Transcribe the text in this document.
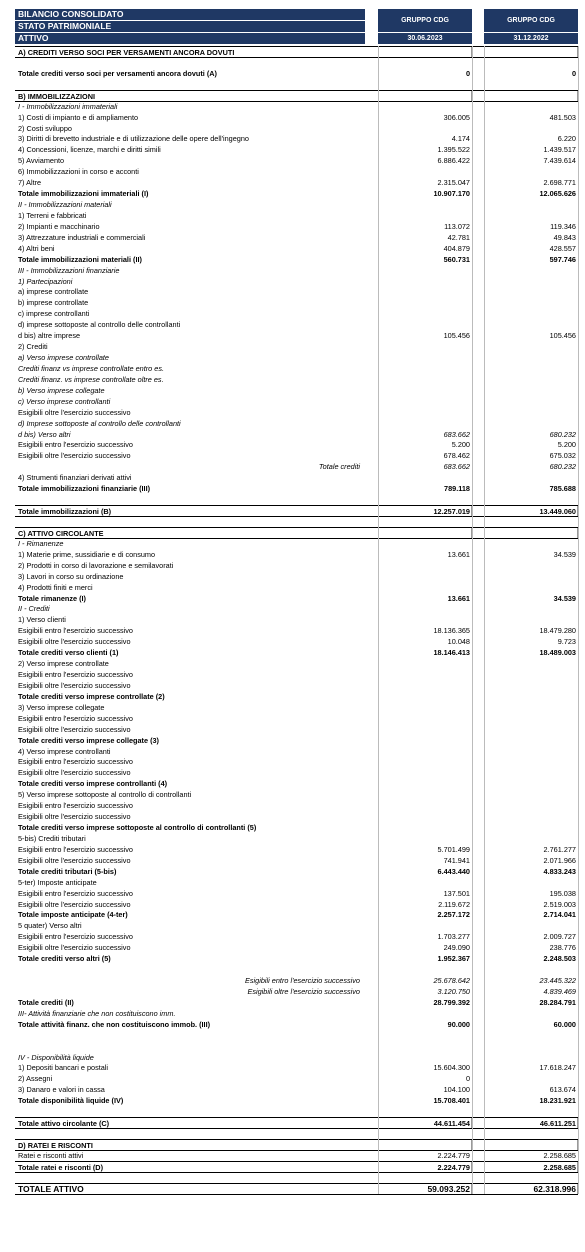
BILANCIO CONSOLIDATO
STATO PATRIMONIALE
ATTIVO
GRUPPO CDG	GRUPPO CDG
30.06.2023	31.12.2022
A) CREDITI VERSO SOCI PER VERSAMENTI ANCORA DOVUTI
Totale crediti verso soci per versamenti ancora dovuti (A)	0	0
B) IMMOBILIZZAZIONI
I - Immobilizzazioni immateriali
1) Costi di impianto e di ampliamento	306.005	481.503
2) Costi sviluppo
3) Diritti di brevetto industriale e di utilizzazione delle opere dell'ingegno	4.174	6.220
4) Concessioni, licenze, marchi e diritti simili	1.395.522	1.439.517
5) Avviamento	6.886.422	7.439.614
6) Immobilizzazioni in corso e acconti
7) Altre	2.315.047	2.698.771
Totale immobilizzazioni immateriali (I)	10.907.170	12.065.626
II - Immobilizzazioni materiali
1) Terreni e fabbricati
2) Impianti e macchinario	113.072	119.346
3) Attrezzature industriali e commerciali	42.781	49.843
4) Altri beni	404.879	428.557
Totale immobilizzazioni materiali (II)	560.731	597.746
III - Immobilizzazioni finanziarie
1) Partecipazioni
a) imprese controllate
b) imprese controllate
c) imprese controllanti
d) imprese sottoposte al controllo delle controllanti
d bis) altre imprese	105.456	105.456
2) Crediti
a) Verso imprese controllate
Crediti finanz vs imprese controllate entro es.
Crediti finanz. vs imprese controllate oltre es.
b) Verso imprese collegate
c) Verso imprese controllanti
Esigibili oltre l'esercizio successivo
d) Imprese sottoposte al controllo delle controllanti
d bis) Verso altri	683.662	680.232
Esigibili entro l'esercizio successivo	5.200	5.200
Esigibili oltre l'esercizio successivo	678.462	675.032
Totale crediti	683.662	680.232
4) Strumenti finanziari derivati attivi
Totale immobilizzazioni finanziarie (III)	789.118	785.688
Totale immobilizzazioni (B)	12.257.019	13.449.060
C) ATTIVO CIRCOLANTE
I - Rimanenze
1) Materie prime, sussidiarie e di consumo	13.661	34.539
2) Prodotti in corso di lavorazione e semilavorati
3) Lavori in corso su ordinazione
4) Prodotti finiti e merci
Totale rimanenze (I)	13.661	34.539
II - Crediti
1) Verso clienti
Esigibili entro l'esercizio successivo	18.136.365	18.479.280
Esigibili oltre l'esercizio successivo	10.048	9.723
Totale crediti verso clienti (1)	18.146.413	18.489.003
2) Verso imprese controllate
Esigibili entro l'esercizio successivo
Esigibili oltre l'esercizio successivo
Totale crediti verso imprese controllate (2)
3) Verso imprese collegate
Esigibili entro l'esercizio successivo
Esigibili oltre l'esercizio successivo
Totale crediti verso imprese collegate (3)
4) Verso imprese controllanti
Esigibili entro l'esercizio successivo
Esigibili oltre l'esercizio successivo
Totale crediti verso imprese controllanti (4)
5) Verso imprese sottoposte al controllo di controllanti
Esigibili entro l'esercizio successivo
Esigibili oltre l'esercizio successivo
Totale crediti verso imprese sottoposte al controllo di controllanti (5)
5-bis) Crediti tributari
Esigibili entro l'esercizio successivo	5.701.499	2.761.277
Esigibili oltre l'esercizio successivo	741.941	2.071.966
Totale crediti tributari (5-bis)	6.443.440	4.833.243
5-ter) Imposte anticipate
Esigibili entro l'esercizio successivo	137.501	195.038
Esigibili oltre l'esercizio successivo	2.119.672	2.519.003
Totale imposte anticipate (4-ter)	2.257.172	2.714.041
5 quater) Verso altri
Esigibili entro l'esercizio successivo	1.703.277	2.009.727
Esigibili oltre l'esercizio successivo	249.090	238.776
Totale crediti verso altri (5)	1.952.367	2.248.503
Esigibili entro l'esercizio successivo	25.678.642	23.445.322
Esigibili oltre l'esercizio successivo	3.120.750	4.839.469
Totale crediti (II)	28.799.392	28.284.791
III- Attività finanziarie che non costituiscono imm.
Totale attività finanz. che non costituiscono immob. (III)	90.000	60.000
IV - Disponibilità liquide
1) Depositi bancari e postali	15.604.300	17.618.247
2) Assegni	0
3) Danaro e valori in cassa	104.100	613.674
Totale disponibilità liquide (IV)	15.708.401	18.231.921
Totale attivo circolante (C)	44.611.454	46.611.251
D) RATEI E RISCONTI
Ratei e risconti attivi	2.224.779	2.258.685
Totale ratei e risconti (D)	2.224.779	2.258.685
TOTALE ATTIVO	59.093.252	62.318.996
